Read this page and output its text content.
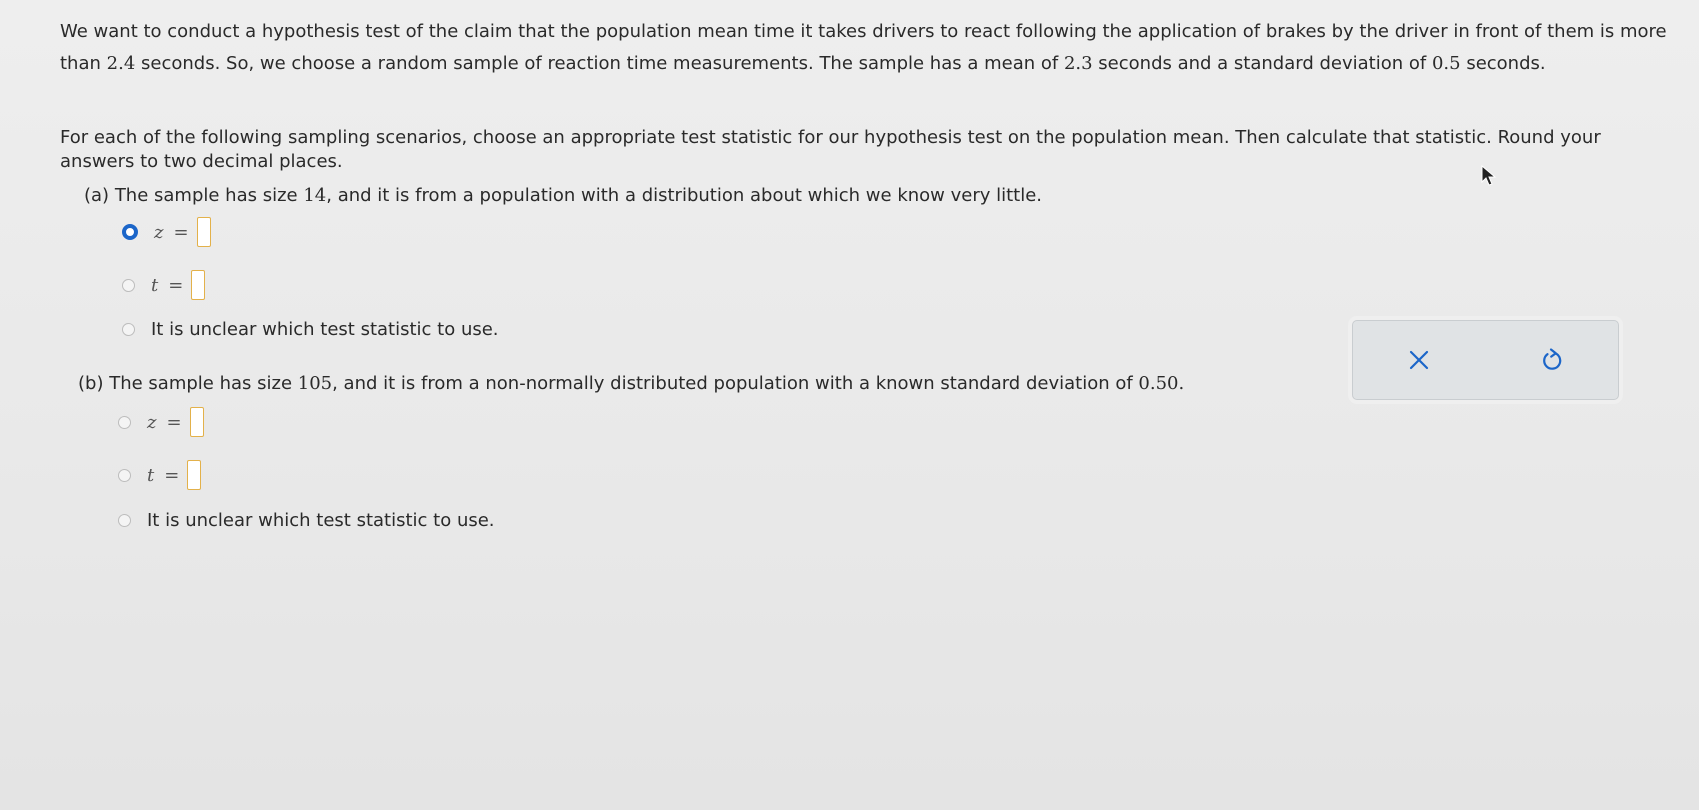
We want to conduct a hypothesis test of the claim that the population mean time it takes drivers to react following the application of brakes by the driver in front of them is more than 2.4 seconds. So, we choose a random sample of reaction time measurements. The sample has a mean of 2.3 seconds and a standard deviation of 0.5 seconds.

For each of the following sampling scenarios, choose an appropriate test statistic for our hypothesis test on the population mean. Then calculate that statistic. Round your answers to two decimal places.

(a) The sample has size 14, and it is from a population with a distribution about which we know very little.
z =
t =
It is unclear which test statistic to use.
(b) The sample has size 105, and it is from a non-normally distributed population with a known standard deviation of 0.50.
z =
t =
It is unclear which test statistic to use.
